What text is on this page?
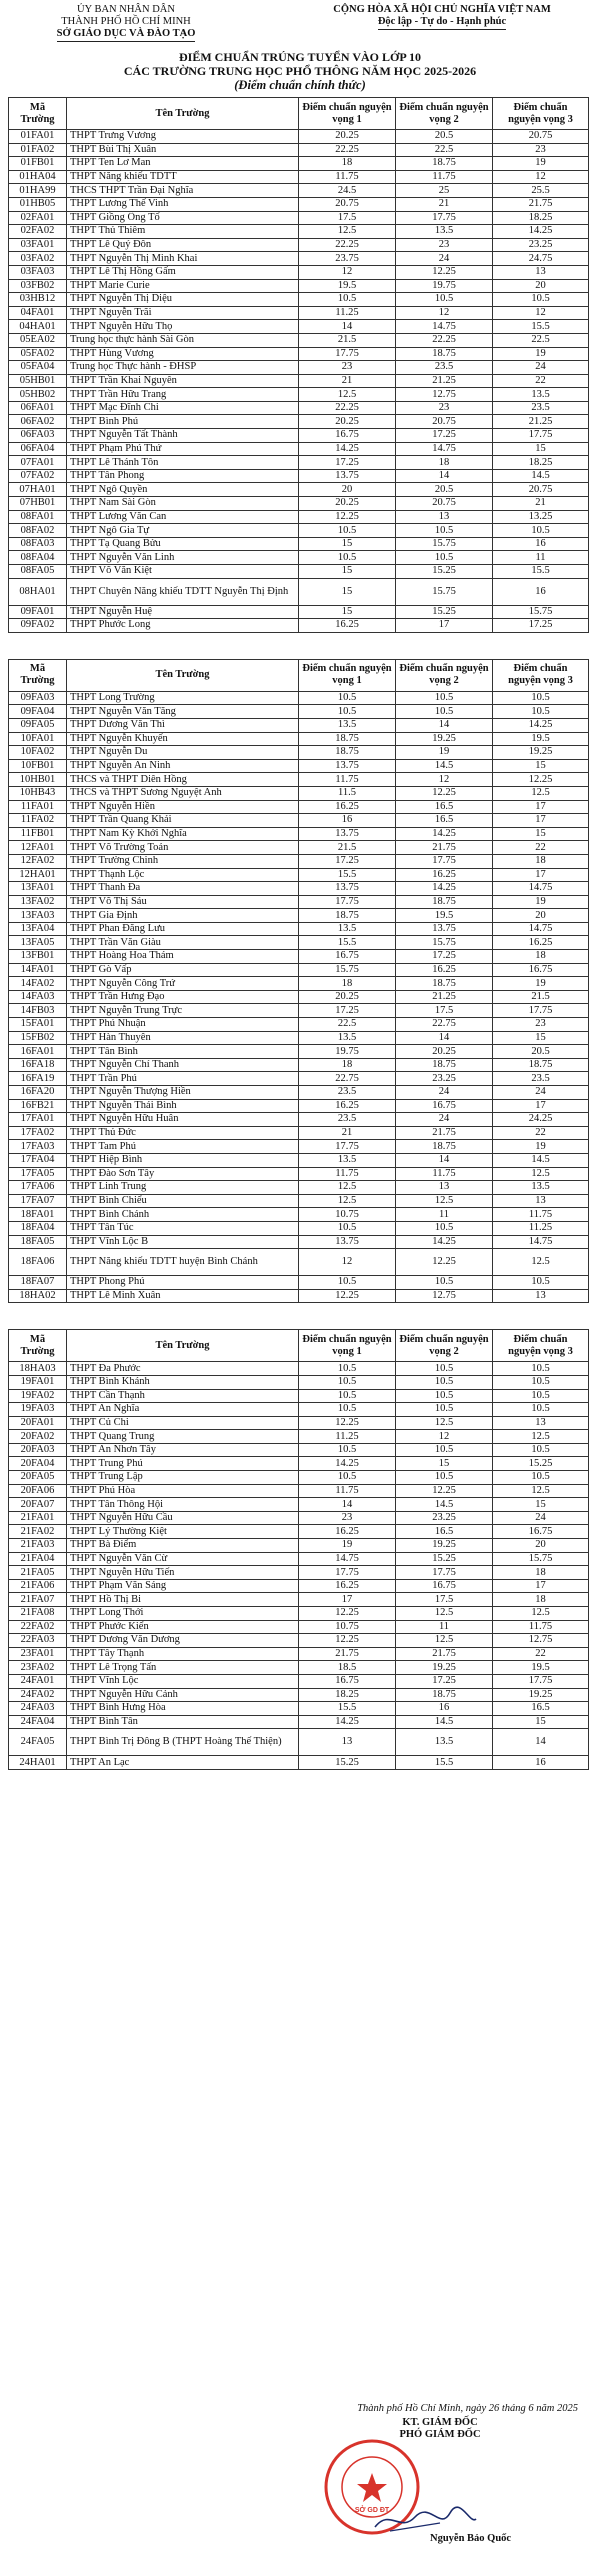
ỦY BAN NHÂN DÂN
THÀNH PHỐ HỒ CHÍ MINH
SỞ GIÁO DỤC VÀ ĐÀO TẠO
CỘNG HÒA XÃ HỘI CHỦ NGHĨA VIỆT NAM
Độc lập - Tự do - Hạnh phúc
ĐIỂM CHUẨN TRÚNG TUYỂN VÀO LỚP 10
CÁC TRƯỜNG TRUNG HỌC PHỔ THÔNG NĂM HỌC 2025-2026
(Điểm chuẩn chính thức)
Mã Trường	Tên Trường	Điểm chuẩn nguyện vọng 1	Điểm chuẩn nguyện vọng 2	Điểm chuẩn nguyện vọng 3
01FA01	THPT Trưng Vương	20.25	20.5	20.75
01FA02	THPT Bùi Thị Xuân	22.25	22.5	23
01FB01	THPT Ten Lơ Man	18	18.75	19
01HA04	THPT Năng khiếu TDTT	11.75	11.75	12
01HA99	THCS THPT Trần Đại Nghĩa	24.5	25	25.5
01HB05	THPT Lương Thế Vinh	20.75	21	21.75
02FA01	THPT Giồng Ông Tố	17.5	17.75	18.25
02FA02	THPT Thủ Thiêm	12.5	13.5	14.25
03FA01	THPT Lê Quý Đôn	22.25	23	23.25
03FA02	THPT Nguyễn Thị Minh Khai	23.75	24	24.75
03FA03	THPT Lê Thị Hồng Gấm	12	12.25	13
03FB02	THPT Marie Curie	19.5	19.75	20
03HB12	THPT Nguyễn Thị Diệu	10.5	10.5	10.5
04FA01	THPT Nguyễn Trãi	11.25	12	12
04HA01	THPT Nguyễn Hữu Thọ	14	14.75	15.5
05EA02	Trung học thực hành Sài Gòn	21.5	22.25	22.5
05FA02	THPT Hùng Vương	17.75	18.75	19
05FA04	Trung học Thực hành - ĐHSP	23	23.5	24
05HB01	THPT Trần Khai Nguyên	21	21.25	22
05HB02	THPT Trần Hữu Trang	12.5	12.75	13.5
06FA01	THPT Mạc Đĩnh Chi	22.25	23	23.5
06FA02	THPT Bình Phú	20.25	20.75	21.25
06FA03	THPT Nguyễn Tất Thành	16.75	17.25	17.75
06FA04	THPT Phạm Phú Thứ	14.25	14.75	15
07FA01	THPT Lê Thánh Tôn	17.25	18	18.25
07FA02	THPT Tân Phong	13.75	14	14.5
07HA01	THPT Ngô Quyền	20	20.5	20.75
07HB01	THPT Nam Sài Gòn	20.25	20.75	21
08FA01	THPT Lương Văn Can	12.25	13	13.25
08FA02	THPT Ngô Gia Tự	10.5	10.5	10.5
08FA03	THPT Tạ Quang Bửu	15	15.75	16
08FA04	THPT Nguyễn Văn Linh	10.5	10.5	11
08FA05	THPT Võ Văn Kiệt	15	15.25	15.5
08HA01	THPT Chuyên Năng khiếu TDTT Nguyễn Thị Định	15	15.75	16
09FA01	THPT Nguyễn Huệ	15	15.25	15.75
09FA02	THPT Phước Long	16.25	17	17.25
Mã Trường	Tên Trường	Điểm chuẩn nguyện vọng 1	Điểm chuẩn nguyện vọng 2	Điểm chuẩn nguyện vọng 3
09FA03	THPT Long Trường	10.5	10.5	10.5
09FA04	THPT Nguyễn Văn Tăng	10.5	10.5	10.5
09FA05	THPT Dương Văn Thì	13.5	14	14.25
10FA01	THPT Nguyễn Khuyến	18.75	19.25	19.5
10FA02	THPT Nguyễn Du	18.75	19	19.25
10FB01	THPT Nguyễn An Ninh	13.75	14.5	15
10HB01	THCS và THPT Diên Hồng	11.75	12	12.25
10HB43	THCS và THPT Sương Nguyệt Anh	11.5	12.25	12.5
11FA01	THPT Nguyễn Hiền	16.25	16.5	17
11FA02	THPT Trần Quang Khải	16	16.5	17
11FB01	THPT Nam Kỳ Khởi Nghĩa	13.75	14.25	15
12FA01	THPT Võ Trường Toản	21.5	21.75	22
12FA02	THPT Trường Chinh	17.25	17.75	18
12HA01	THPT Thạnh Lộc	15.5	16.25	17
13FA01	THPT Thanh Đa	13.75	14.25	14.75
13FA02	THPT Võ Thị Sáu	17.75	18.75	19
13FA03	THPT Gia Định	18.75	19.5	20
13FA04	THPT Phan Đăng Lưu	13.5	13.75	14.75
13FA05	THPT Trần Văn Giàu	15.5	15.75	16.25
13FB01	THPT Hoàng Hoa Thám	16.75	17.25	18
14FA01	THPT Gò Vấp	15.75	16.25	16.75
14FA02	THPT Nguyễn Công Trứ	18	18.75	19
14FA03	THPT Trần Hưng Đạo	20.25	21.25	21.5
14FB03	THPT Nguyễn Trung Trực	17.25	17.5	17.75
15FA01	THPT Phú Nhuận	22.5	22.75	23
15FB02	THPT Hàn Thuyên	13.5	14	15
16FA01	THPT Tân Bình	19.75	20.25	20.5
16FA18	THPT Nguyễn Chí Thanh	18	18.75	18.75
16FA19	THPT Trần Phú	22.75	23.25	23.5
16FA20	THPT Nguyễn Thượng Hiền	23.5	24	24
16FB21	THPT Nguyễn Thái Bình	16.25	16.75	17
17FA01	THPT Nguyễn Hữu Huân	23.5	24	24.25
17FA02	THPT Thủ Đức	21	21.75	22
17FA03	THPT Tam Phú	17.75	18.75	19
17FA04	THPT Hiệp Bình	13.5	14	14.5
17FA05	THPT Đào Sơn Tây	11.75	11.75	12.5
17FA06	THPT Linh Trung	12.5	13	13.5
17FA07	THPT Bình Chiểu	12.5	12.5	13
18FA01	THPT Bình Chánh	10.75	11	11.75
18FA04	THPT Tân Túc	10.5	10.5	11.25
18FA05	THPT Vĩnh Lộc B	13.75	14.25	14.75
18FA06	THPT Năng khiếu TDTT huyện Bình Chánh	12	12.25	12.5
18FA07	THPT Phong Phú	10.5	10.5	10.5
18HA02	THPT Lê Minh Xuân	12.25	12.75	13
Mã Trường	Tên Trường	Điểm chuẩn nguyện vọng 1	Điểm chuẩn nguyện vọng 2	Điểm chuẩn nguyện vọng 3
18HA03	THPT Đa Phước	10.5	10.5	10.5
19FA01	THPT Bình Khánh	10.5	10.5	10.5
19FA02	THPT Cần Thạnh	10.5	10.5	10.5
19FA03	THPT An Nghĩa	10.5	10.5	10.5
20FA01	THPT Củ Chi	12.25	12.5	13
20FA02	THPT Quang Trung	11.25	12	12.5
20FA03	THPT An Nhơn Tây	10.5	10.5	10.5
20FA04	THPT Trung Phú	14.25	15	15.25
20FA05	THPT Trung Lập	10.5	10.5	10.5
20FA06	THPT Phú Hòa	11.75	12.25	12.5
20FA07	THPT Tân Thông Hội	14	14.5	15
21FA01	THPT Nguyễn Hữu Cầu	23	23.25	24
21FA02	THPT Lý Thường Kiệt	16.25	16.5	16.75
21FA03	THPT Bà Điểm	19	19.25	20
21FA04	THPT Nguyễn Văn Cừ	14.75	15.25	15.75
21FA05	THPT Nguyễn Hữu Tiến	17.75	17.75	18
21FA06	THPT Phạm Văn Sáng	16.25	16.75	17
21FA07	THPT Hồ Thị Bi	17	17.5	18
21FA08	THPT Long Thới	12.25	12.5	12.5
22FA02	THPT Phước Kiển	10.75	11	11.75
22FA03	THPT Dương Văn Dương	12.25	12.5	12.75
23FA01	THPT Tây Thạnh	21.75	21.75	22
23FA02	THPT Lê Trọng Tấn	18.5	19.25	19.5
24FA01	THPT Vĩnh Lộc	16.75	17.25	17.75
24FA02	THPT Nguyễn Hữu Cảnh	18.25	18.75	19.25
24FA03	THPT Bình Hưng Hòa	15.5	16	16.5
24FA04	THPT Bình Tân	14.25	14.5	15
24FA05	THPT Bình Trị Đông B (THPT Hoàng Thế Thiện)	13	13.5	14
24HA01	THPT An Lạc	15.25	15.5	16
Thành phố Hồ Chí Minh, ngày 26 tháng 6 năm 2025
KT. GIÁM ĐỐC
PHÓ GIÁM ĐỐC
SỞ GD ĐT
Nguyễn Bảo Quốc
